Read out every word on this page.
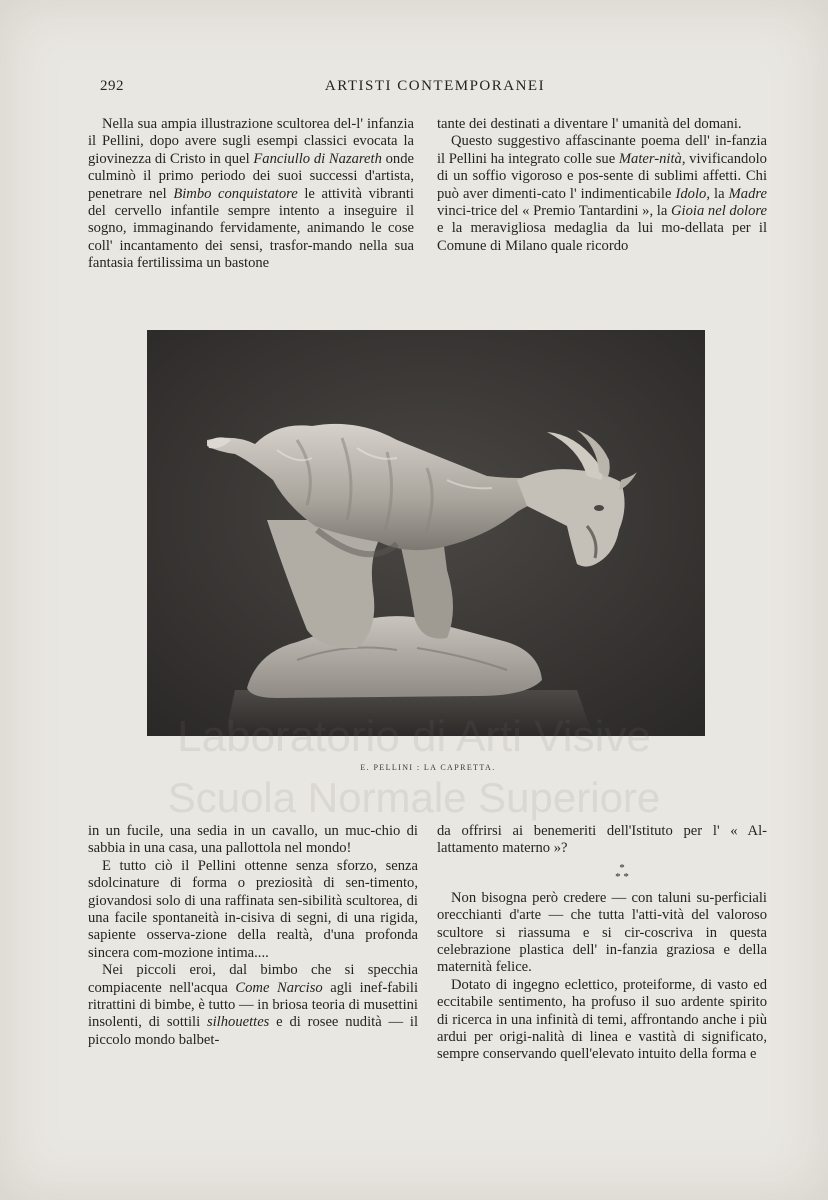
292	ARTISTI CONTEMPORANEI

Nella sua ampia illustrazione scultorea del-l' infanzia il Pellini, dopo avere sugli esempi classici evocata la giovinezza di Cristo in quel Fanciullo di Nazareth onde culminò il primo periodo dei suoi successi d'artista, penetrare nel Bimbo conquistatore le attività vibranti del cervello infantile sempre intento a inseguire il sogno, immaginando fervidamente, animando le cose coll' incantamento dei sensi, trasfor-mando nella sua fantasia fertilissima un bastone

tante dei destinati a diventare l' umanità del domani.

Questo suggestivo affascinante poema dell' in-fanzia il Pellini ha integrato colle sue Mater-nità, vivificandolo di un soffio vigoroso e pos-sente di sublimi affetti. Chi può aver dimenti-cato l' indimenticabile Idolo, la Madre vinci-trice del « Premio Tantardini », la Gioia nel dolore e la meravigliosa medaglia da lui mo-dellata per il Comune di Milano quale ricordo

E. PELLINI : LA CAPRETTA.
Laboratorio di Arti Visive
Scuola Normale Superiore

in un fucile, una sedia in un cavallo, un muc-chio di sabbia in una casa, una pallottola nel mondo!

E tutto ciò il Pellini ottenne senza sforzo, senza sdolcinature di forma o preziosità di sen-timento, giovandosi solo di una raffinata sen-sibilità scultorea, di una facile spontaneità in-cisiva di segni, di una rigida, sapiente osserva-zione della realtà, d'una profonda sincera com-mozione intima....

Nei piccoli eroi, dal bimbo che si specchia compiacente nell'acqua Come Narciso agli inef-fabili ritrattini di bimbe, è tutto — in briosa teoria di musettini insolenti, di sottili silhouettes e di rosee nudità — il piccolo mondo balbet-

da offrirsi ai benemeriti dell'Istituto per l' « Al-lattamento materno »?

*
* *

Non bisogna però credere — con taluni su-perficiali orecchianti d'arte — che tutta l'atti-vità del valoroso scultore si riassuma e si cir-coscriva in questa celebrazione plastica dell' in-fanzia graziosa e della maternità felice.

Dotato di ingegno eclettico, proteiforme, di vasto ed eccitabile sentimento, ha profuso il suo ardente spirito di ricerca in una infinità di temi, affrontando anche i più ardui per origi-nalità di linea e vastità di significato, sempre conservando quell'elevato intuito della forma e
